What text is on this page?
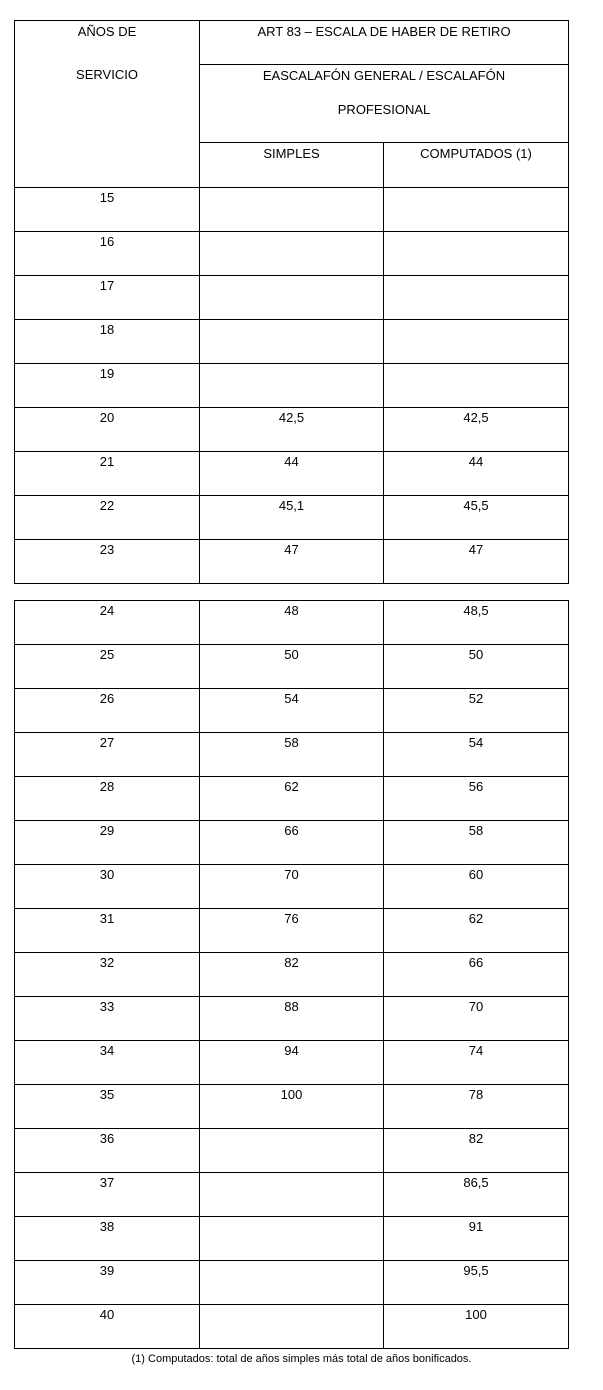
AÑOS DE
SERVICIO	ART 83 – ESCALA DE HABER DE RETIRO	

	EASCALAFÓN GENERAL / ESCALAFÓN
PROFESIONAL	

	SIMPLES	COMPUTADOS (1)
15		
16		
17		
18		
19		
20	42,5	42,5
21	44	44
22	45,1	45,5
23	47	47
24	48	48,5
25	50	50
26	54	52
27	58	54
28	62	56
29	66	58
30	70	60
31	76	62
32	82	66
33	88	70
34	94	74
35	100	78
36		82
37		86,5
38		91
39		95,5
40		100
(1) Computados: total de años simples más total de años bonificados.
